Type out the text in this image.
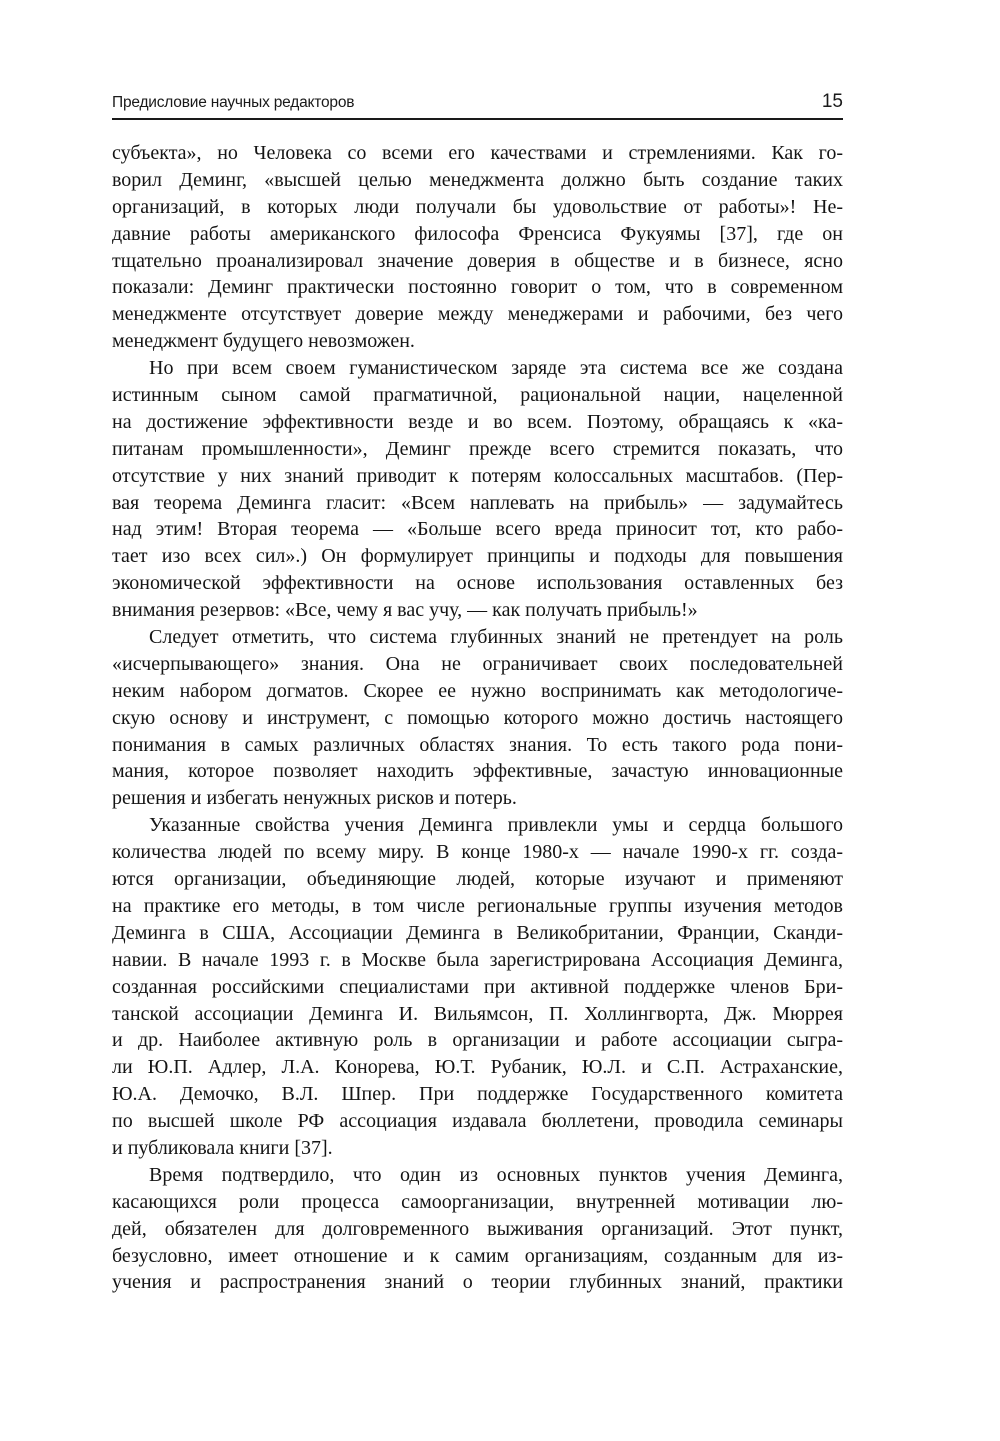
Предисловие научных редакторов	15
субъекта», но Человека со всеми его качествами и стремлениями. Как го-
ворил Деминг, «высшей целью менеджмента должно быть создание таких
организаций, в которых люди получали бы удовольствие от работы»! Не-
давние работы американского философа Френсиса Фукуямы [37], где он
тщательно проанализировал значение доверия в обществе и в бизнесе, ясно
показали: Деминг практически постоянно говорит о том, что в современном
менеджменте отсутствует доверие между менеджерами и рабочими, без чего
менеджмент будущего невозможен.
Но при всем своем гуманистическом заряде эта система все же создана
истинным сыном самой прагматичной, рациональной нации, нацеленной
на достижение эффективности везде и во всем. Поэтому, обращаясь к «ка-
питанам промышленности», Деминг прежде всего стремится показать, что
отсутствие у них знаний приводит к потерям колоссальных масштабов. (Пер-
вая теорема Деминга гласит: «Всем наплевать на прибыль» — задумайтесь
над этим! Вторая теорема — «Больше всего вреда приносит тот, кто рабо-
тает изо всех сил».) Он формулирует принципы и подходы для повышения
экономической эффективности на основе использования оставленных без
внимания резервов: «Все, чему я вас учу, — как получать прибыль!»
Следует отметить, что система глубинных знаний не претендует на роль
«исчерпывающего» знания. Она не ограничивает своих последовательней
неким набором догматов. Скорее ее нужно воспринимать как методологиче-
скую основу и инструмент, с помощью которого можно достичь настоящего
понимания в самых различных областях знания. То есть такого рода пони-
мания, которое позволяет находить эффективные, зачастую инновационные
решения и избегать ненужных рисков и потерь.
Указанные свойства учения Деминга привлекли умы и сердца большого
количества людей по всему миру. В конце 1980-х — начале 1990-х гг. созда-
ются организации, объединяющие людей, которые изучают и применяют
на практике его методы, в том числе региональные группы изучения методов
Деминга в США, Ассоциации Деминга в Великобритании, Франции, Сканди-
навии. В начале 1993 г. в Москве была зарегистрирована Ассоциация Деминга,
созданная российскими специалистами при активной поддержке членов Бри-
танской ассоциации Деминга И. Вильямсон, П. Холлингворта, Дж. Мюррея
и др. Наиболее активную роль в организации и работе ассоциации сыгра-
ли Ю.П. Адлер, Л.А. Конорева, Ю.Т. Рубаник, Ю.Л. и С.П. Астраханские,
Ю.А. Демочко, В.Л. Шпер. При поддержке Государственного комитета
по высшей школе РФ ассоциация издавала бюллетени, проводила семинары
и публиковала книги [37].
Время подтвердило, что один из основных пунктов учения Деминга,
касающихся роли процесса самоорганизации, внутренней мотивации лю-
дей, обязателен для долговременного выживания организаций. Этот пункт,
безусловно, имеет отношение и к самим организациям, созданным для из-
учения и распространения знаний о теории глубинных знаний, практики
